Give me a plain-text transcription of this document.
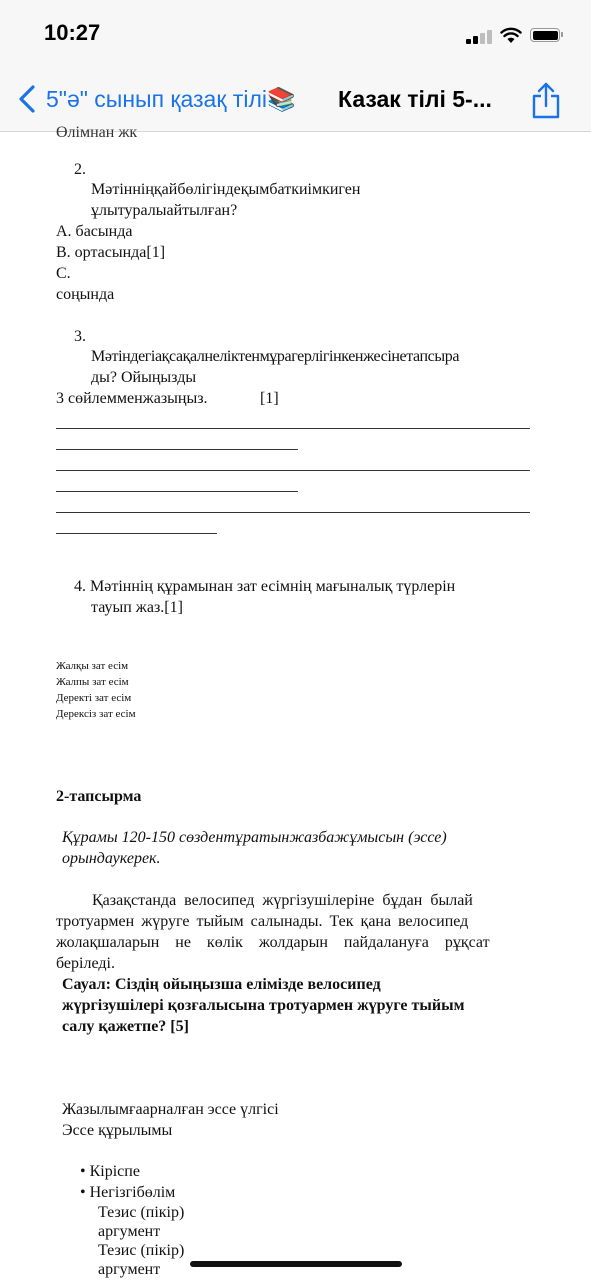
10:27
5"ə" сынып қазақ тілі📚 Казак тілі 5-...
Өлімнан жк
2.
Мәтінніңқайбөлігіндеқымбаткиімкиген
ұлытуралыайтылған?
А. басында
В. ортасында[1]
С.
соңында
3.
Мәтіндегіақсақалнеліктенмұрагерлігінкенжесінетапсыра
ды? Ойыңызды
3 сөйлемменжазыңыз.	[1]
4. Мәтіннің құрамынан зат есімнің мағыналық түрлерін
тауып жаз.[1]
Жалқы зат есім
Жалпы зат есім
Деректі зат есім
Дерексіз зат есім
2-тапсырма
Құрамы 120-150 сөздентұратынжазбажұмысын (эссе)
орындаукерек.
Қазақстанда велосипед жүргізушілеріне бұдан былай
тротуармен жүруге тыйым салынады. Тек қана велосипед
жолақшаларын не көлік жолдарын пайдалануға рұқсат
беріледі.
Сауал: Сіздің ойыңызша елімізде велосипед
жүргізушілері қозғалысына тротуармен жүруге тыйым
салу қажетпе? [5]
Жазылымғаарналған эссе үлгісі
Эссе құрылымы
• Кіріспе
• Негізгібөлім
Тезис (пікір)
аргумент
Тезис (пікір)
аргумент
